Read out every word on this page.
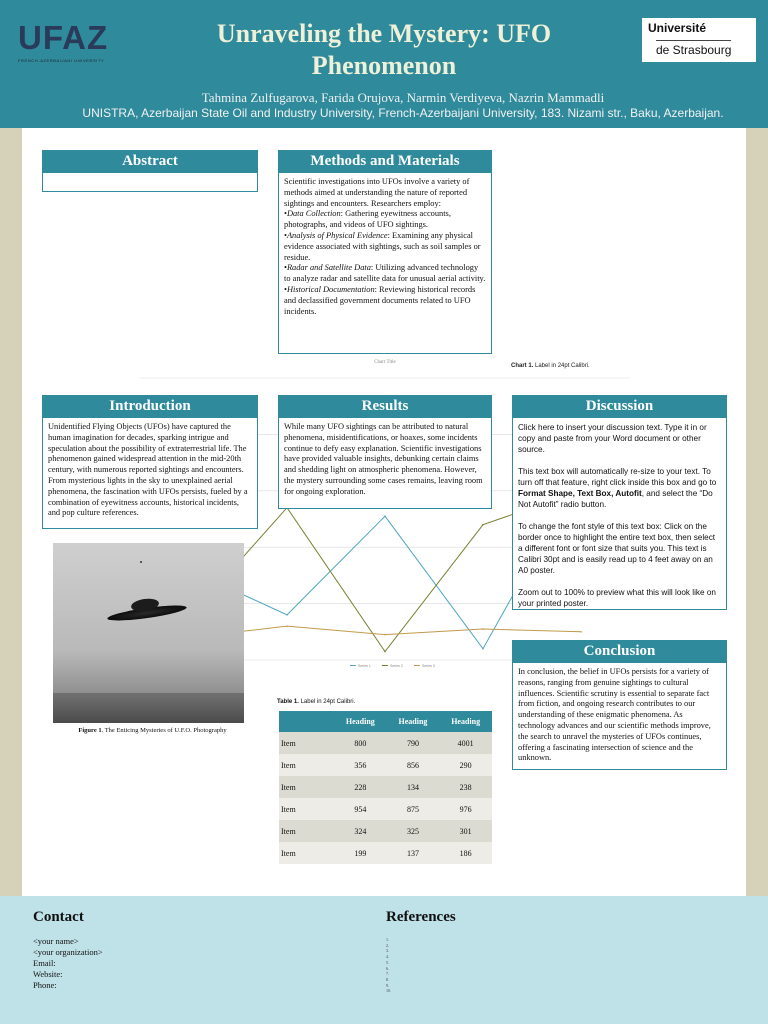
UFAZ
FRENCH-AZERBAIJANI UNIVERSITY
Unraveling the Mystery: UFO Phenomenon
Tahmina Zulfugarova, Farida Orujova, Narmin Verdiyeva, Nazrin Mammadli
UNISTRA, Azerbaijan State Oil and Industry University, French-Azerbaijani University, 183. Nizami str., Baku, Azerbaijan.
Université
de Strasbourg
Abstract	Methods and Materials
Scientific investigations into UFOs involve a variety of methods aimed at understanding the nature of reported sightings and encounters. Researchers employ:
•Data Collection: Gathering eyewitness accounts, photographs, and videos of UFO sightings.
•Analysis of Physical Evidence: Examining any physical evidence associated with sightings, such as soil samples or residue.
•Radar and Satellite Data: Utilizing advanced technology to analyze radar and satellite data for unusual aerial activity.
•Historical Documentation: Reviewing historical records and declassified government documents related to UFO incidents.
Chart Title
Chart 1. Label in 24pt Calibri.
Series 1	Series 2	Series 3
Introduction
Unidentified Flying Objects (UFOs) have captured the human imagination for decades, sparking intrigue and speculation about the possibility of extraterrestrial life. The phenomenon gained widespread attention in the mid-20th century, with numerous reported sightings and encounters. From mysterious lights in the sky to unexplained aerial phenomena, the fascination with UFOs persists, fueled by a combination of eyewitness accounts, historical incidents, and pop culture references.
Results
While many UFO sightings can be attributed to natural phenomena, misidentifications, or hoaxes, some incidents continue to defy easy explanation. Scientific investigations have provided valuable insights, debunking certain claims and shedding light on atmospheric phenomena. However, the mystery surrounding some cases remains, leaving room for ongoing exploration.
Discussion

Click here to insert your discussion text. Type it in or copy and paste from your Word document or other source.

This text box will automatically re-size to your text. To turn off that feature, right click inside this box and go to Format Shape, Text Box, Autofit, and select the “Do Not Autofit” radio button.

To change the font style of this text box: Click on the border once to highlight the entire text box, then select a different font or font size that suits you. This text is Calibri 30pt and is easily read up to 4 feet away on an A0 poster.

Zoom out to 100% to preview what this will look like on your printed poster.

Figure 1. The Enticing Mysteries of U.F.O. Photography
Table 1. Label in 24pt Calibri.
	Heading	Heading	Heading
Item	800	790	4001
Item	356	856	290
Item	228	134	238
Item	954	875	976
Item	324	325	301
Item	199	137	186
Conclusion
In conclusion, the belief in UFOs persists for a variety of reasons, ranging from genuine sightings to cultural influences. Scientific scrutiny is essential to separate fact from fiction, and ongoing research contributes to our understanding of these enigmatic phenomena. As technology advances and our scientific methods improve, the search to unravel the mysteries of UFOs continues, offering a fascinating intersection of science and the unknown.
Contact
<your name>
<your organization>
Email:
Website:
Phone:
References
1.
2.
3.
4.
5.
6.
7.
8.
9.
10.
